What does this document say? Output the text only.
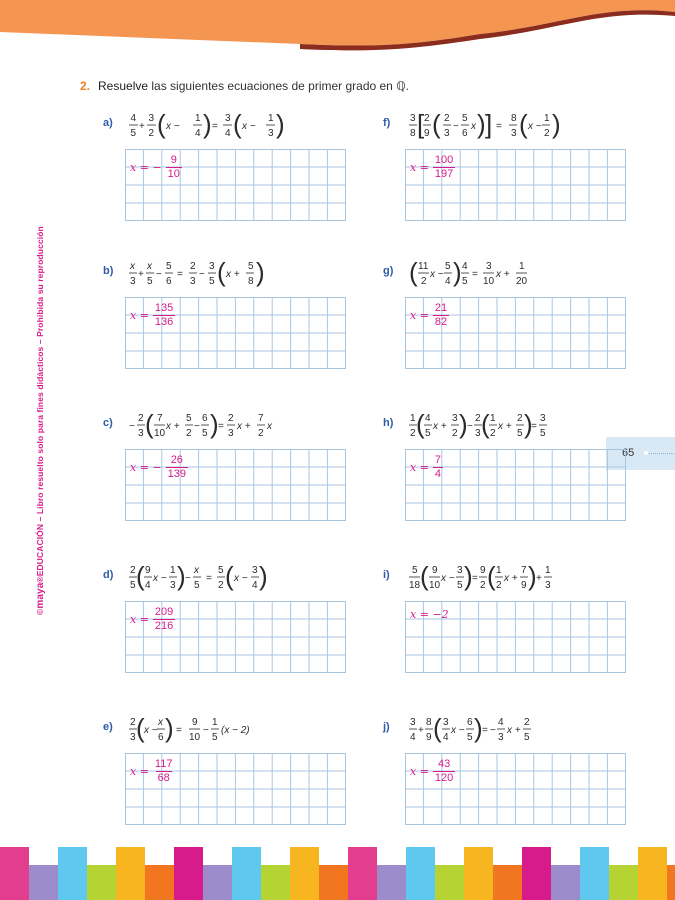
2. Resuelve las siguientes ecuaciones de primer grado en ℚ.
©maya®EDUCACIÓN – Libro resuelto solo para fines didácticos – Prohibida su reproducción	65
a) 4
5
+
3
2 ( x −
1
4 ) =
3
4 ( x −
1
3 )
x = − $\frac{9}{10}$
f) 3
8 [ 2
9 ( 2
3
−
5
6
x ) ] =
8
3 ( x −
1
2 )
$x = \frac{100}{197}$
b) x
3
+
x
5
−
5
6
=
2
3
−
3
5 ( x +
5
8 )
$x = \frac{135}{136}$
g) ( 11
2
x −
5
4 ) 4
5
=
3
10
x +
1
20
$x = \frac{21}{82}$
c) −
2
3 ( 7
10
x +
5
2
−
6
5 ) =
2
3
x +
7
2
x
x = − $\frac{26}{139}$
h) 1
2 ( 4
5
x +
3
2 ) −
2
3 ( 1
2
x +
2
5 )
=
3
5
$x = \frac{7}{4}$
d) 2
5 ( 9
4
x −
1
3 ) −
x
5
=
5
2 ( x −
3
4 )
$x = \frac{209}{216}$
i) 5
18 ( 9
10
x −
3
5 ) =
9
2 ( 1
2
x +
7
9 ) +
1
3
x = −2
e) 2
3 ( x −
x
6 ) =
9
10
−
1
5
(x − 2)
$x = \frac{117}{68}$
j) 3
4
+
8
9 ( 3
4
x −
6
5 ) = −
4
3
x +
2
5
$x = \frac{43}{120}$
